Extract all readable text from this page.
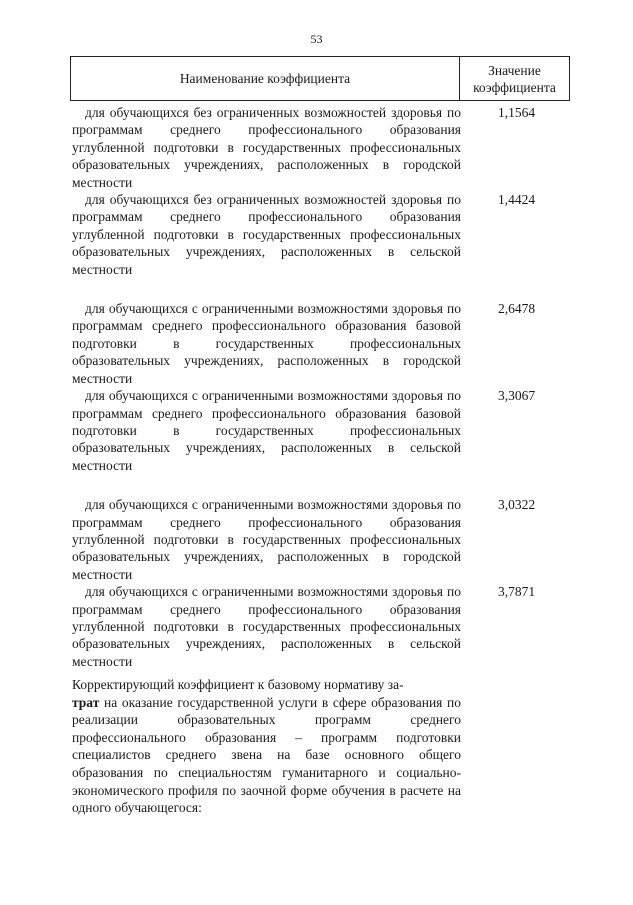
53
Наименование коэффициента
Значение
коэффициента

для обучающихся без ограниченных возможностей здоровья по программам среднего профессионального образования углубленной подготовки в государственных профессиональных образовательных учреждениях, расположенных в городской местности

1,1564

для обучающихся без ограниченных возможностей здоровья по программам среднего профессионального образования углубленной подготовки в государственных профессиональных образовательных учреждениях, расположенных в сельской местности

1,4424

для обучающихся с ограниченными возможностями здоровья по программам среднего профессионального образования базовой подготовки в государственных профессиональных образовательных учреждениях, расположенных в городской местности

2,6478

для обучающихся с ограниченными возможностями здоровья по программам среднего профессионального образования базовой подготовки в государственных профессиональных образовательных учреждениях, расположенных в сельской местности

3,3067

для обучающихся с ограниченными возможностями здоровья по программам среднего профессионального образования углубленной подготовки в государственных профессиональных образовательных учреждениях, расположенных в городской местности

3,0322

для обучающихся с ограниченными возможностями здоровья по программам среднего профессионального образования углубленной подготовки в государственных профессиональных образовательных учреждениях, расположенных в сельской местности

3,7871

Корректирующий коэффициент к базовому нормативу за-
трат на оказание государственной услуги в сфере образования по реализации образовательных программ среднего профессионального образования – программ подготовки специалистов среднего звена на базе основного общего образования по специальностям гуманитарного и социально-экономического профиля по заочной форме обучения в расчете на одного обучающегося:
